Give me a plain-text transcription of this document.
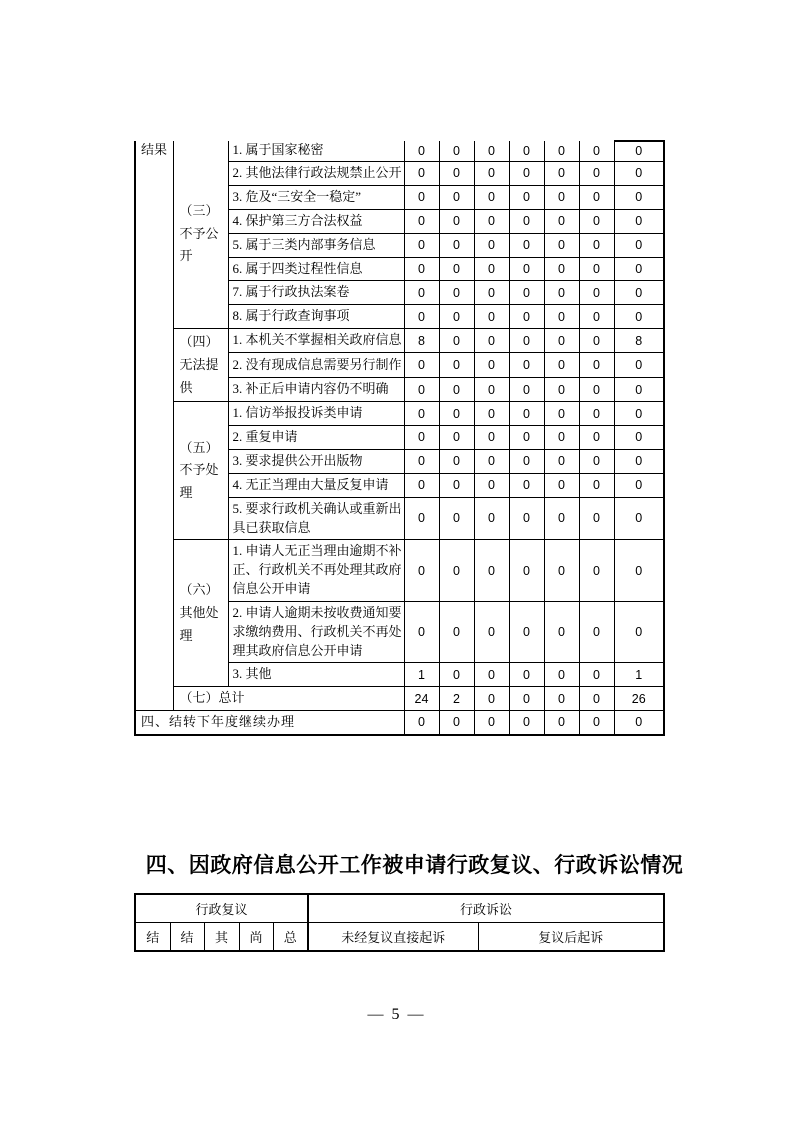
结果	（三）不予公开	1. 属于国家秘密	0	0	0	0	0	0	0
		2. 其他法律行政法规禁止公开	0	0	0	0	0	0	0
		3. 危及“三安全一稳定”	0	0	0	0	0	0	0
		4. 保护第三方合法权益	0	0	0	0	0	0	0
		5. 属于三类内部事务信息	0	0	0	0	0	0	0
		6. 属于四类过程性信息	0	0	0	0	0	0	0
		7. 属于行政执法案卷	0	0	0	0	0	0	0
		8. 属于行政查询事项	0	0	0	0	0	0	0
	（四）无法提供	1. 本机关不掌握相关政府信息	8	0	0	0	0	0	8
		2. 没有现成信息需要另行制作	0	0	0	0	0	0	0
		3. 补正后申请内容仍不明确	0	0	0	0	0	0	0
	（五）不予处理	1. 信访举报投诉类申请	0	0	0	0	0	0	0
		2. 重复申请	0	0	0	0	0	0	0
		3. 要求提供公开出版物	0	0	0	0	0	0	0
		4. 无正当理由大量反复申请	0	0	0	0	0	0	0
		5. 要求行政机关确认或重新出具已获取信息	0	0	0	0	0	0	0
	（六）其他处理	1. 申请人无正当理由逾期不补正、行政机关不再处理其政府信息公开申请	0	0	0	0	0	0	0
		2. 申请人逾期未按收费通知要求缴纳费用、行政机关不再处理其政府信息公开申请	0	0	0	0	0	0	0
		3. 其他	1	0	0	0	0	0	1
	（七）总计		24	2	0	0	0	0	26
四、结转下年度继续办理			0	0	0	0	0	0	0
四、因政府信息公开工作被申请行政复议、行政诉讼情况
行政复议					行政诉讼	
结	结	其	尚	总	未经复议直接起诉	复议后起诉
— 5 —
